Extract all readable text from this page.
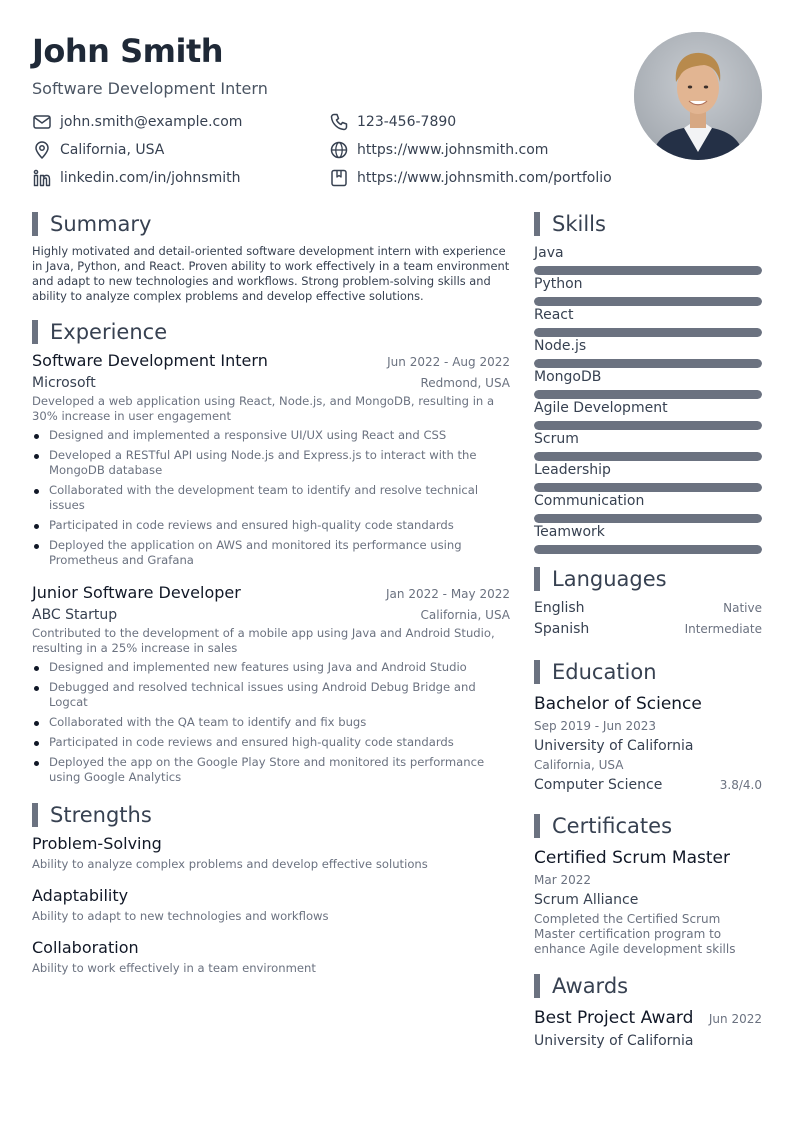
John Smith
Software Development Intern
john.smith@example.com	123-456-7890
California, USA	https://www.johnsmith.com
linkedin.com/in/johnsmith	https://www.johnsmith.com/portfolio
Summary

Highly motivated and detail-oriented software development intern with experience in Java, Python, and React. Proven ability to work effectively in a team environment and adapt to new technologies and workflows. Strong problem-solving skills and ability to analyze complex problems and develop effective solutions.

Experience
Software Development Intern	Jun 2022 - Aug 2022
Microsoft	Redmond, USA
Developed a web application using React, Node.js, and MongoDB, resulting in a 30% increase in user engagement
Designed and implemented a responsive UI/UX using React and CSS
Developed a RESTful API using Node.js and Express.js to interact with the MongoDB database
Collaborated with the development team to identify and resolve technical issues
Participated in code reviews and ensured high-quality code standards
Deployed the application on AWS and monitored its performance using Prometheus and Grafana
Junior Software Developer	Jan 2022 - May 2022
ABC Startup	California, USA
Contributed to the development of a mobile app using Java and Android Studio, resulting in a 25% increase in sales
Designed and implemented new features using Java and Android Studio
Debugged and resolved technical issues using Android Debug Bridge and Logcat
Collaborated with the QA team to identify and fix bugs
Participated in code reviews and ensured high-quality code standards
Deployed the app on the Google Play Store and monitored its performance using Google Analytics
Strengths
Problem-Solving
Ability to analyze complex problems and develop effective solutions
Adaptability
Ability to adapt to new technologies and workflows
Collaboration
Ability to work effectively in a team environment
Skills
Java
Python
React
Node.js
MongoDB
Agile Development
Scrum
Leadership
Communication
Teamwork
Languages
English	Native
Spanish	Intermediate
Education
Bachelor of Science
Sep 2019 - Jun 2023
University of California
California, USA
Computer Science	3.8/4.0
Certificates
Certified Scrum Master
Mar 2022
Scrum Alliance
Completed the Certified Scrum Master certification program to enhance Agile development skills
Awards
Best Project Award Jun 2022
University of California
